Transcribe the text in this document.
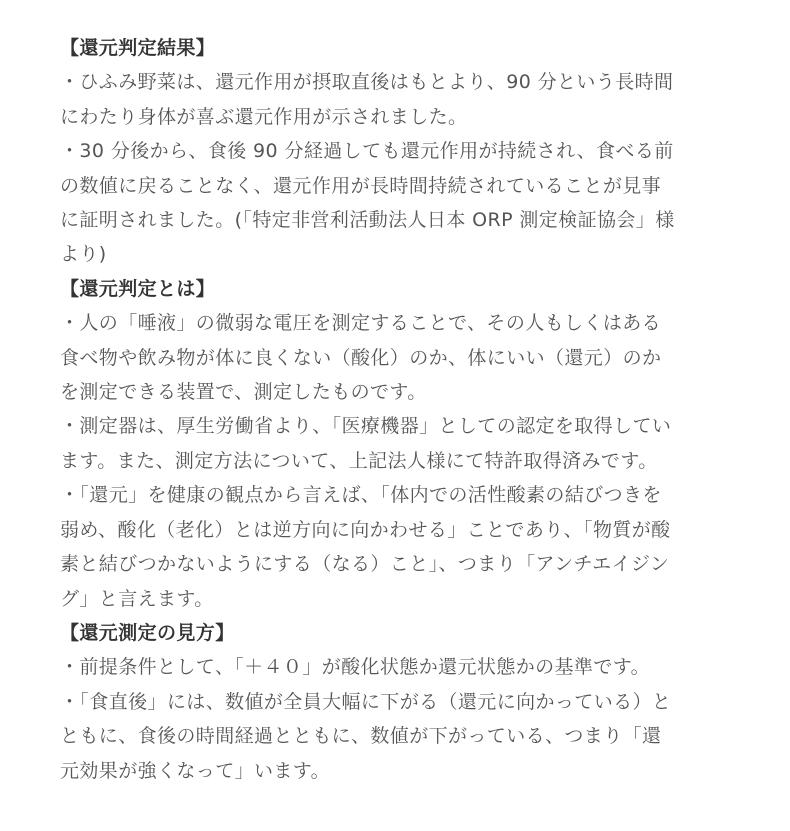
【還元判定結果】
・ひふみ野菜は、還元作用が摂取直後はもとより、90 分という長時間
にわたり身体が喜ぶ還元作用が示されました。
・30 分後から、食後 90 分経過しても還元作用が持続され、食べる前
の数値に戻ることなく、還元作用が長時間持続されていることが見事
に証明されました。(「特定非営利活動法人日本 ORP 測定検証協会」様
より)
【還元判定とは】
・人の「唾液」の微弱な電圧を測定することで、その人もしくはある
食べ物や飲み物が体に良くない（酸化）のか、体にいい（還元）のか
を測定できる装置で、測定したものです。
・測定器は、厚生労働省より、「医療機器」としての認定を取得してい
ます。また、測定方法について、上記法人様にて特許取得済みです。
・「還元」を健康の観点から言えば、「体内での活性酸素の結びつきを
弱め、酸化（老化）とは逆方向に向かわせる」ことであり、「物質が酸
素と結びつかないようにする（なる）こと」、つまり「アンチエイジン
グ」と言えます。
【還元測定の見方】
・前提条件として、「＋４０」が酸化状態か還元状態かの基準です。
・「食直後」には、数値が全員大幅に下がる（還元に向かっている）と
ともに、食後の時間経過とともに、数値が下がっている、つまり「還
元効果が強くなって」います。
